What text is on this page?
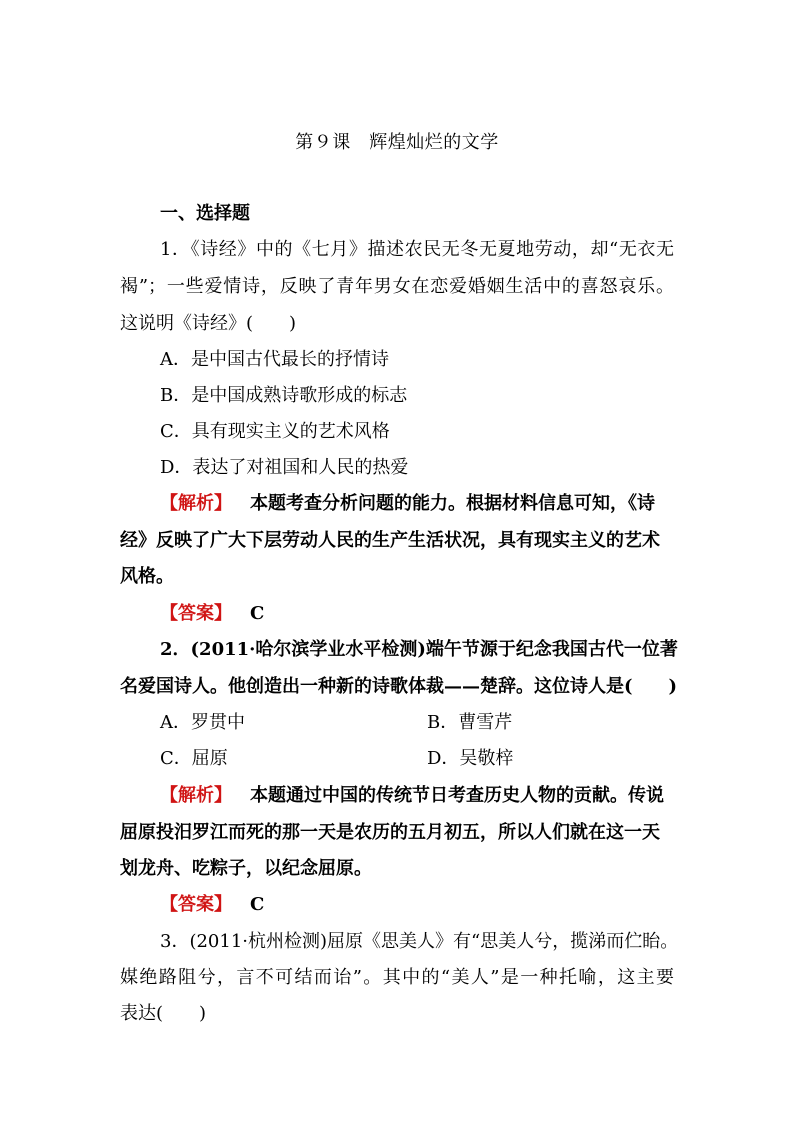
第９课　辉煌灿烂的文学
一、选择题
1．《诗经》中的《七月》描述农民无冬无夏地劳动，却“无衣无
褐”；一些爱情诗，反映了青年男女在恋爱婚姻生活中的喜怒哀乐。
这说明《诗经》(　　)
A．是中国古代最长的抒情诗
B．是中国成熟诗歌形成的标志
C．具有现实主义的艺术风格
D．表达了对祖国和人民的热爱
【解析】 本题考查分析问题的能力。根据材料信息可知，《诗
经》反映了广大下层劳动人民的生产生活状况，具有现实主义的艺术
风格。
【答案】 C
2．(2011·哈尔滨学业水平检测)端午节源于纪念我国古代一位著
名爱国诗人。他创造出一种新的诗歌体裁——楚辞。这位诗人是(　　)
A．罗贯中	B．曹雪芹
C．屈原	D．吴敬梓
【解析】 本题通过中国的传统节日考查历史人物的贡献。传说
屈原投汨罗江而死的那一天是农历的五月初五，所以人们就在这一天
划龙舟、吃粽子，以纪念屈原。
【答案】 C
3．(2011·杭州检测)屈原《思美人》有“思美人兮，揽涕而伫眙。
媒绝路阻兮，言不可结而诒”。其中的“美人”是一种托喻，这主要
表达(　　)
